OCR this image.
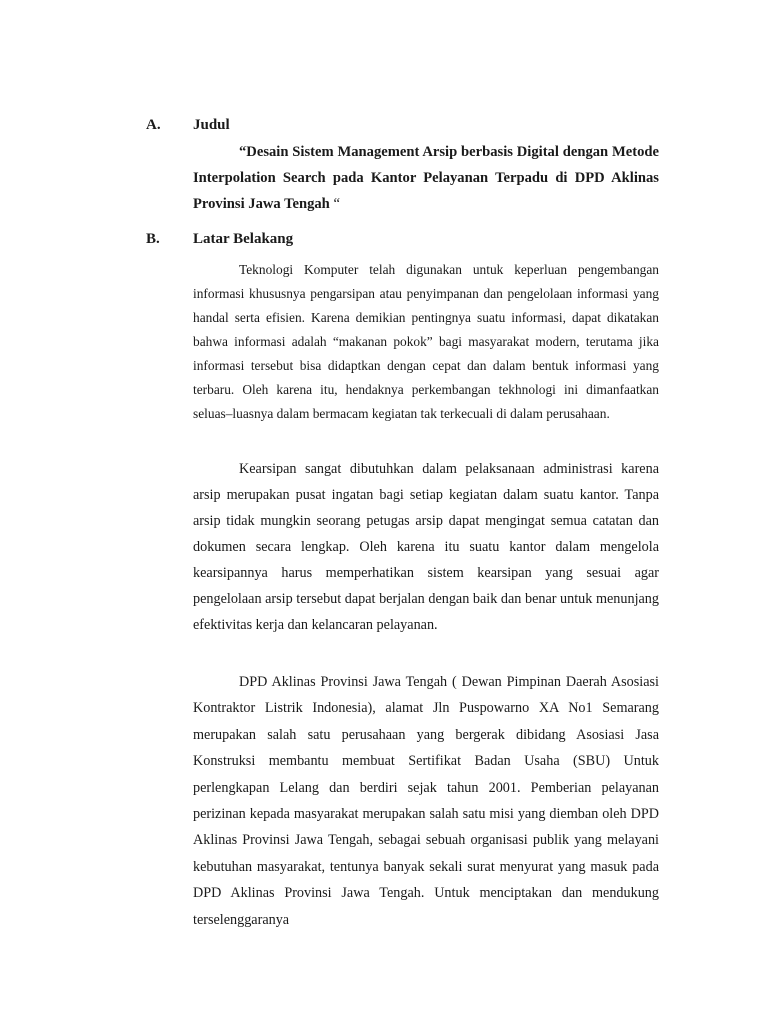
A. Judul

“Desain Sistem Management Arsip berbasis Digital dengan Metode Interpolation Search pada Kantor Pelayanan Terpadu di DPD Aklinas Provinsi Jawa Tengah “

B. Latar Belakang

Teknologi Komputer telah digunakan untuk keperluan pengembangan informasi khususnya pengarsipan atau penyimpanan dan pengelolaan informasi yang handal serta efisien. Karena demikian pentingnya suatu informasi, dapat dikatakan bahwa informasi adalah “makanan pokok” bagi masyarakat modern, terutama jika informasi tersebut bisa didaptkan dengan cepat dan dalam bentuk informasi yang terbaru. Oleh karena itu, hendaknya perkembangan tekhnologi ini dimanfaatkan seluas–luasnya dalam bermacam kegiatan tak terkecuali di dalam perusahaan.

Kearsipan sangat dibutuhkan dalam pelaksanaan administrasi karena arsip merupakan pusat ingatan bagi setiap kegiatan dalam suatu kantor. Tanpa arsip tidak mungkin seorang petugas arsip dapat mengingat semua catatan dan dokumen secara lengkap. Oleh karena itu suatu kantor dalam mengelola kearsipannya harus memperhatikan sistem kearsipan yang sesuai agar pengelolaan arsip tersebut dapat berjalan dengan baik dan benar untuk menunjang efektivitas kerja dan kelancaran pelayanan.

DPD Aklinas Provinsi Jawa Tengah ( Dewan Pimpinan Daerah Asosiasi Kontraktor Listrik Indonesia), alamat Jln Puspowarno XA No1 Semarang merupakan salah satu perusahaan yang bergerak dibidang Asosiasi Jasa Konstruksi membantu membuat Sertifikat Badan Usaha (SBU) Untuk perlengkapan Lelang dan berdiri sejak tahun 2001. Pemberian pelayanan perizinan kepada masyarakat merupakan salah satu misi yang diemban oleh DPD Aklinas Provinsi Jawa Tengah, sebagai sebuah organisasi publik yang melayani kebutuhan masyarakat, tentunya banyak sekali surat menyurat yang masuk pada DPD Aklinas Provinsi Jawa Tengah. Untuk menciptakan dan mendukung terselenggaranya
